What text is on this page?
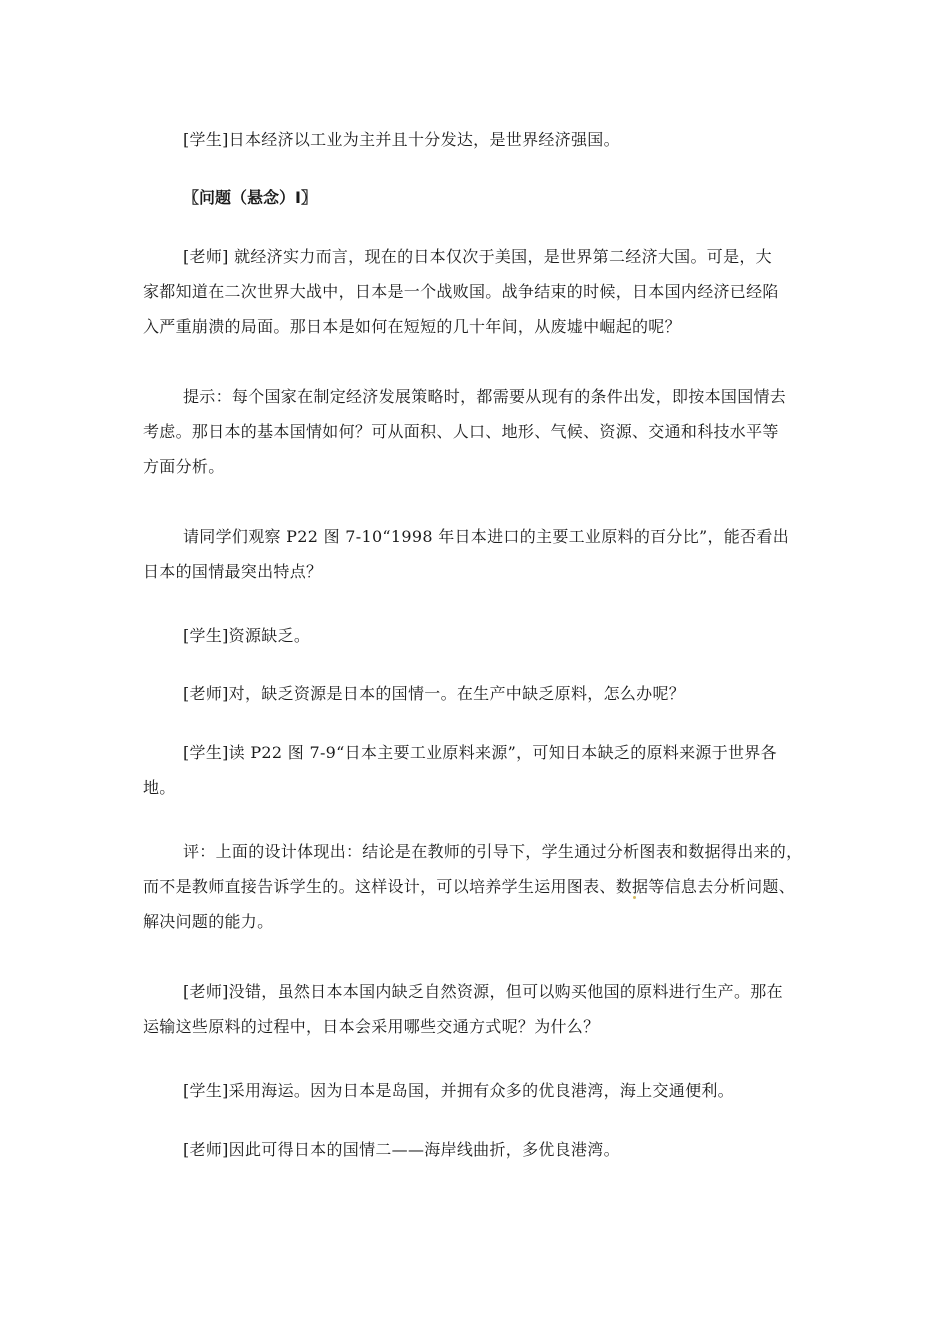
[学生]日本经济以工业为主并且十分发达，是世界经济强国。

〖问题（悬念）Ⅰ〗

[老师] 就经济实力而言，现在的日本仅次于美国，是世界第二经济大国。可是，大
家都知道在二次世界大战中，日本是一个战败国。战争结束的时候，日本国内经济已经陷
入严重崩溃的局面。那日本是如何在短短的几十年间，从废墟中崛起的呢？

提示：每个国家在制定经济发展策略时，都需要从现有的条件出发，即按本国国情去
考虑。那日本的基本国情如何？可从面积、人口、地形、气候、资源、交通和科技水平等
方面分析。

请同学们观察 P22 图 7-10“1998 年日本进口的主要工业原料的百分比”，能否看出
日本的国情最突出特点？

[学生]资源缺乏。

[老师]对，缺乏资源是日本的国情一。在生产中缺乏原料，怎么办呢？

[学生]读 P22 图 7-9“日本主要工业原料来源”，可知日本缺乏的原料来源于世界各
地。

评：上面的设计体现出：结论是在教师的引导下，学生通过分析图表和数据得出来的，
而不是教师直接告诉学生的。这样设计，可以培养学生运用图表、数据等信息去分析问题、
解决问题的能力。

[老师]没错，虽然日本本国内缺乏自然资源，但可以购买他国的原料进行生产。那在
运输这些原料的过程中，日本会采用哪些交通方式呢？为什么？

[学生]采用海运。因为日本是岛国，并拥有众多的优良港湾，海上交通便利。

[老师]因此可得日本的国情二——海岸线曲折，多优良港湾。
